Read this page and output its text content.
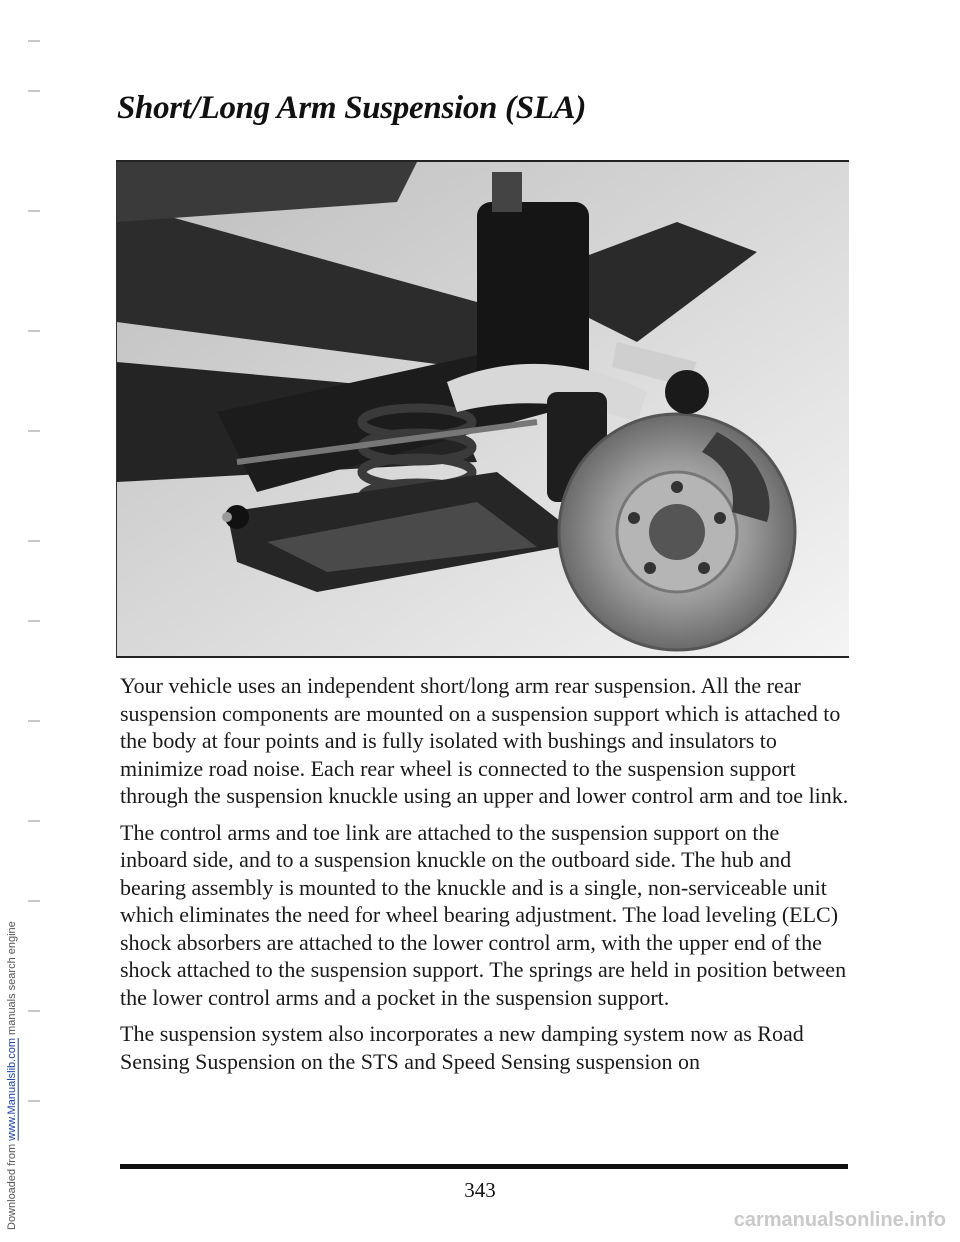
Downloaded from www.Manualslib.com manuals search engine
Short/Long Arm Suspension (SLA)

Your vehicle uses an independent short/long arm rear suspension. All the rear suspension components are mounted on a suspension support which is attached to the body at four points and is fully isolated with bushings and insulators to minimize road noise. Each rear wheel is connected to the suspension support through the suspension knuckle using an upper and lower control arm and toe link.

The control arms and toe link are attached to the suspension support on the inboard side, and to a suspension knuckle on the outboard side. The hub and bearing assembly is mounted to the knuckle and is a single, non-serviceable unit which eliminates the need for wheel bearing adjustment. The load leveling (ELC) shock absorbers are attached to the lower control arm, with the upper end of the shock attached to the suspension support. The springs are held in position between the lower control arms and a pocket in the suspension support.

The suspension system also incorporates a new damping system now as Road Sensing Suspension on the STS and Speed Sensing suspension on

343
carmanualsonline.info
